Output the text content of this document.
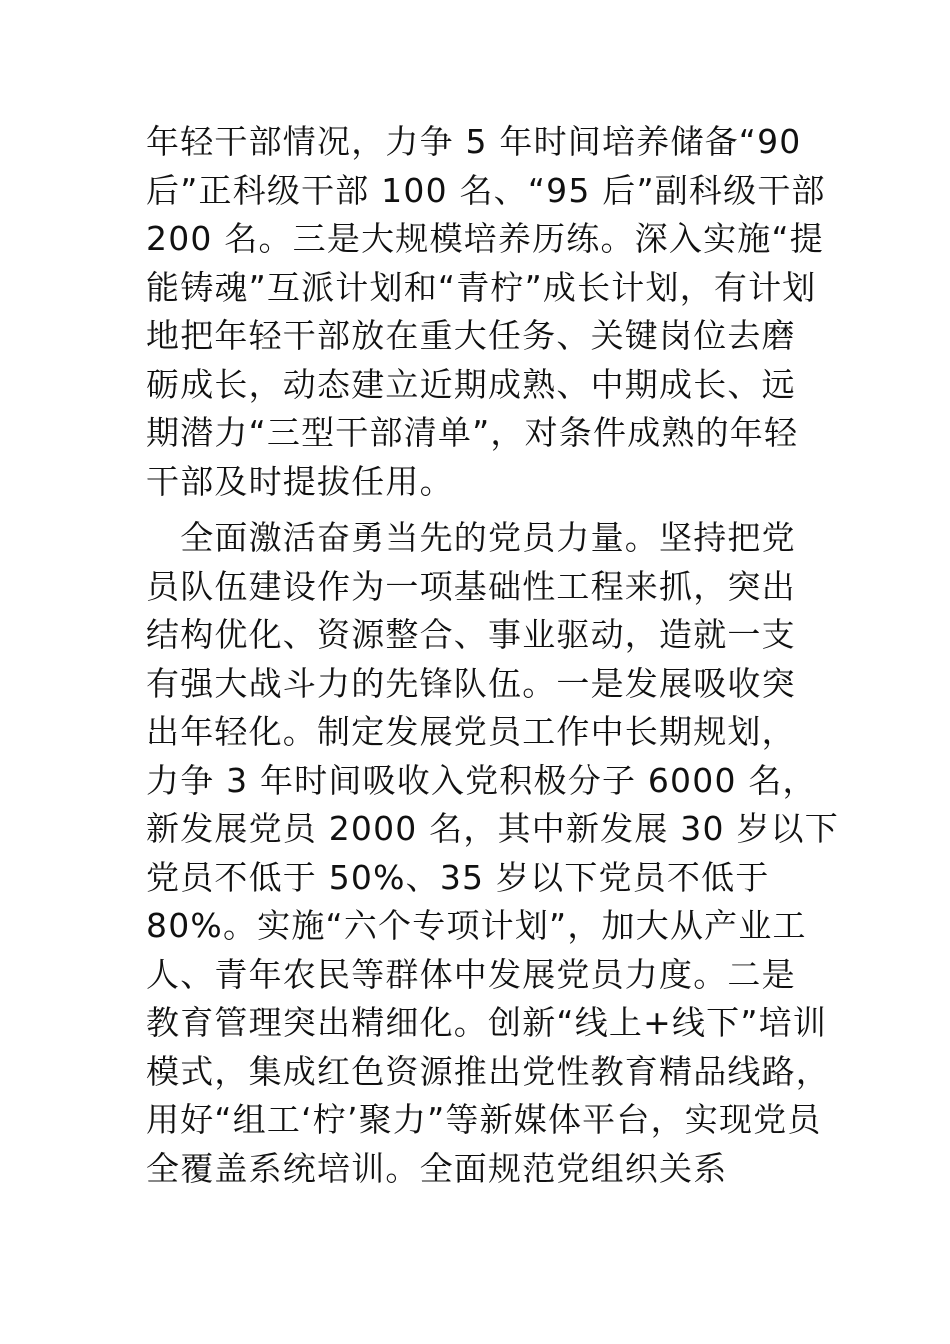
年轻干部情况，力争 5 年时间培养储备“90
后”正科级干部 100 名、“95 后”副科级干部
200 名。三是大规模培养历练。深入实施“提
能铸魂”互派计划和“青柠”成长计划，有计划
地把年轻干部放在重大任务、关键岗位去磨
砺成长，动态建立近期成熟、中期成长、远
期潜力“三型干部清单”，对条件成熟的年轻
干部及时提拔任用。
　全面激活奋勇当先的党员力量。坚持把党
员队伍建设作为一项基础性工程来抓，突出
结构优化、资源整合、事业驱动，造就一支
有强大战斗力的先锋队伍。一是发展吸收突
出年轻化。制定发展党员工作中长期规划，
力争 3 年时间吸收入党积极分子 6000 名，
新发展党员 2000 名，其中新发展 30 岁以下
党员不低于 50%、35 岁以下党员不低于
80%。实施“六个专项计划”，加大从产业工
人、青年农民等群体中发展党员力度。二是
教育管理突出精细化。创新“线上+线下”培训
模式，集成红色资源推出党性教育精品线路，
用好“组工‘柠’聚力”等新媒体平台，实现党员
全覆盖系统培训。全面规范党组织关系
